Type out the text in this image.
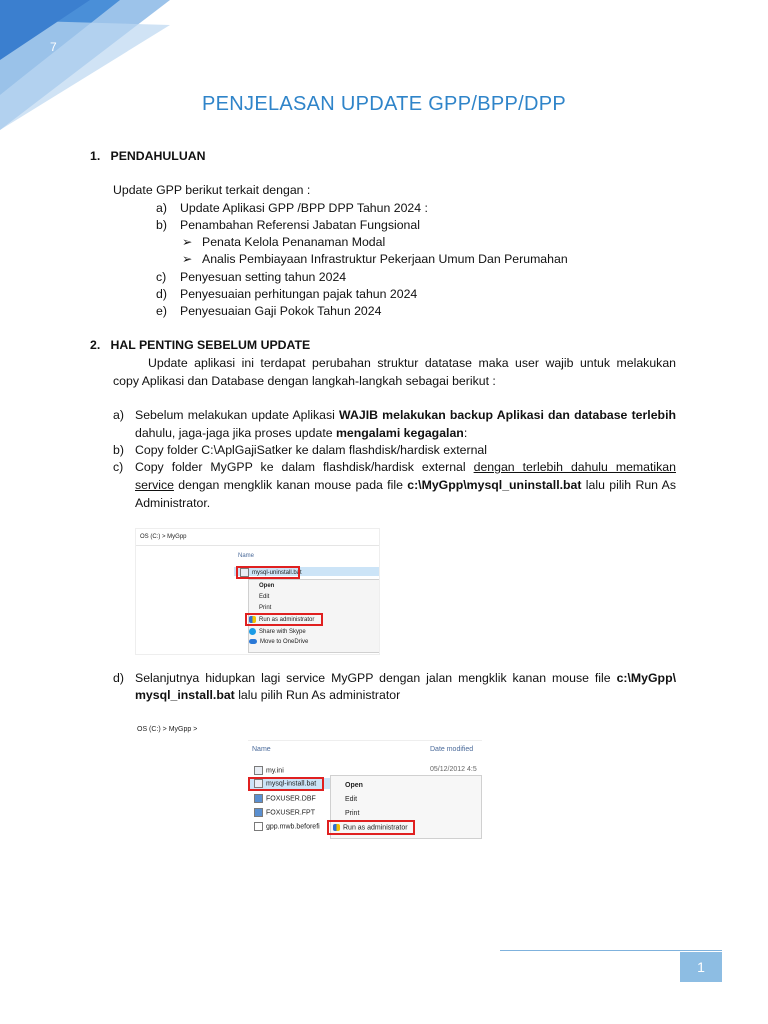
7
PENJELASAN UPDATE GPP/BPP/DPP
1.   PENDAHULUAN
Update GPP berikut terkait dengan :
a) Update Aplikasi GPP /BPP DPP Tahun 2024 :
b) Penambahan Referensi Jabatan Fungsional
➢ Penata Kelola Penanaman Modal
➢ Analis Pembiayaan Infrastruktur Pekerjaan Umum Dan Perumahan
c) Penyesuan setting tahun 2024
d) Penyesuaian perhitungan pajak tahun 2024
e) Penyesuaian Gaji Pokok Tahun 2024
2.   HAL PENTING SEBELUM UPDATE
Update aplikasi ini terdapat perubahan struktur datatase maka user wajib untuk melakukan
copy Aplikasi dan Database dengan langkah-langkah sebagai berikut :
a) Sebelum melakukan update Aplikasi WAJIB melakukan backup Aplikasi dan database terlebih
dahulu, jaga-jaga jika proses update mengalami kegagalan:
b) Copy folder C:\AplGajiSatker ke dalam flashdisk/hardisk external
c) Copy folder MyGPP ke dalam flashdisk/hardisk external dengan terlebih dahulu mematikan
service dengan mengklik kanan mouse pada file c:\MyGpp\mysql_uninstall.bat lalu pilih Run As
Administrator.
OS (C:) > MyGpp
Name
mysql-uninstall.bat
Open
Edit
Print
Run as administrator
Share with Skype
Move to OneDrive
d) Selanjutnya hidupkan lagi service MyGPP dengan jalan mengklik kanan mouse file c:\MyGpp\
mysql_install.bat lalu pilih Run As administrator
OS (C:) > MyGpp >
Name	Date modified
my.ini	05/12/2012 4:5
mysql-install.bat
FOXUSER.DBF
FOXUSER.FPT
gpp.mwb.beforefi
Open
Edit
Print
Run as administrator
1
